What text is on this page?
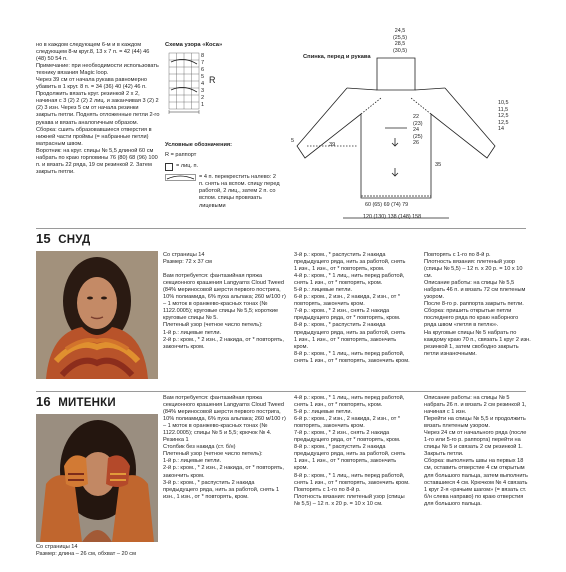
но в каждом следующем 6-м и в каждом следующем 8-м круг.8, 13 х 7 п. = 42 (44) 46 (48) 50 54 п.
Примечание: при необходимости использовать технику вязания Magic loop.
Через 39 см от начала рукава равномерно убавить в 1 круг. 8 п. = 34 (36) 40 (42) 46 п. Продолжить вязать круг. резинкой 2 х 2, начиная с 3 (2) 2 (2) 2 лиц. и заканчивая 3 (2) 2 (2) 3 изн. Через 5 см от начала резинки закрыть петли. Поднять отложенные петли 2-го рукава и вязать аналогичным образом.
Сборка: сшить образовавшиеся отверстия в нижней части проймы (= набранные петли) матрасным швом.
Воротник: на круг. спицы № 5,5 длиной 60 см набрать по краю горловины 76 (80) 68 (96) 100 п. и вязать 22 ряда, 19 см резинкой 2. Затем закрыть петли.
Схема узора «Коса»
8
7
6
5
4
3
2
1
R
Условные обозначения:
R = раппорт
= лиц. п.
= 4 п. перекрестить налево: 2 п. снять на вспом. спицу перед работой, 2 лиц., затем 2 п. со вспом. спицы провязать лицевыми
Спинка, перед и рукава
24,5
(25,5)
28,5
(30,5)
10,5
11,5
12,5
12,5
14
22
(23)
24
(25)
26
39
5
35
60 (65) 69 (74) 79
120 (130) 138 (148) 158
15 СНУД
Со страницы 14
Размер: 72 х 37 см

Вам потребуется: фантазийная пряжа секционного крашения Langyarns Cloud Tweed (84% мериносовой шерсти первого постригa, 10% полиамида, 6% пуха альпака; 260 м/100 г) – 1 моток в оранжево-красных тонах (№ 1122.0005); круговые спицы № 5,5; короткие круговые спицы № 5.
Плетеный узор (четное число петель):
1-й р.: лицевые петли.
2-й р.: кром., * 2 изн., 2 накида, от * повторять, закончить кром.
3-й р.: кром., * распустить 2 накида предыдущего ряда, нить за работой, снять 1 изн., 1 изн., от * повторять, кром.
4-й р.: кром., * 1 лиц., нить перед работой, снять 1 изн., от * повторять, кром.
5-й р.: лицевые петли.
6-й р.: кром., 2 изн., 2 накида, 2 изн., от * повторять, закончить кром.
7-й р.: кром., * 2 изн., снять 2 накида предыдущего ряда, от * повторять, кром.
8-й р.: кром., * распустить 2 накида предыдущего ряда, нить за работой, снять 1 изн., 1 изн., от * повторять, закончить кром.
8-й р.: кром., * 1 лиц., нить перед работой, снять 1 изн., от * повторять, закончить кром.
Повторять с 1-го по 8-й р.
Плотность вязания: плетеный узор (спицы № 5,5) – 12 п. х 20 р. = 10 х 10 см.
Описание работы: на спицы № 5,5 набрать 46 п. и вязать 72 см плетеным узором.
После 8-го р. раппорта закрыть петли.
Сборка: пришить открытые петли последнего ряда по краю наборного ряда швом «петля в петлю».
На круговые спицы № 5 набрать по каждому краю 70 п., связать 1 круг 2 изн. резинкой 1, затем свободно закрыть петли изнаночными.
16 МИТЕНКИ
Со страницы 14
Размер: длина – 26 см, обхват – 20 см
Вам потребуется: фантазийная пряжа секционного крашения Langyarns Cloud Tweed (84% мериносовой шерсти первого постригa, 10% полиамида, 6% пуха альпака; 260 м/100 г) – 1 моток в оранжево-красных тонах (№ 1122.0005); спицы № 5 и 5,5; крючок № 4.
Резинка 1
Столбик без накида (ст. б/н)
Плетеный узор (четное число петель):
1-й р.: лицевые петли.
2-й р.: кром., * 2 изн., 2 накида, от * повторять, закончить кром.
3-й р.: кром., * распустить 2 накида предыдущего ряда, нить за работой, снять 1 изн., 1 изн., от * повторять, кром.
4-й р.: кром., * 1 лиц., нить перед работой, снять 1 изн., от * повторять, кром.
5-й р.: лицевые петли.
6-й р.: кром., 2 изн., 2 накида, 2 изн., от * повторять, закончить кром.
7-й р.: кром., * 2 изн., снять 2 накида предыдущего ряда, от * повторять, кром.
8-й р.: кром., * распустить 2 накида предыдущего ряда, нить за работой, снять 1 изн., 1 изн., от * повторять, закончить кром.
8-й р.: кром., * 1 лиц., нить перед работой, снять 1 изн., от * повторять, закончить кром.
Повторять с 1-го по 8-й р.
Плотность вязания: плетеный узор (спицы № 5,5) – 12 п. х 20 р. = 10 х 10 см.
Описание работы: на спицы № 5 набрать 26 п. и вязать 2 см резинкой 1, начиная с 1 изн.
Перейти на спицы № 5,5 и продолжить вязать плетеным узором.
Через 24 см от начального ряда (после 1-го или 5-го р. раппорта) перейти на спицы № 5 и связать 2 см резинкой 1. Закрыть петли.
Сборка: выполнить швы на первых 18 см, оставить отверстие 4 см открытым для большого пальца, затем выполнить оставшиеся 4 см. Крючком № 4 связать 1 круг 2-я «рачьим шагом» (= вязать ст. б/н слева направо) по краю отверстия для большого пальца.
